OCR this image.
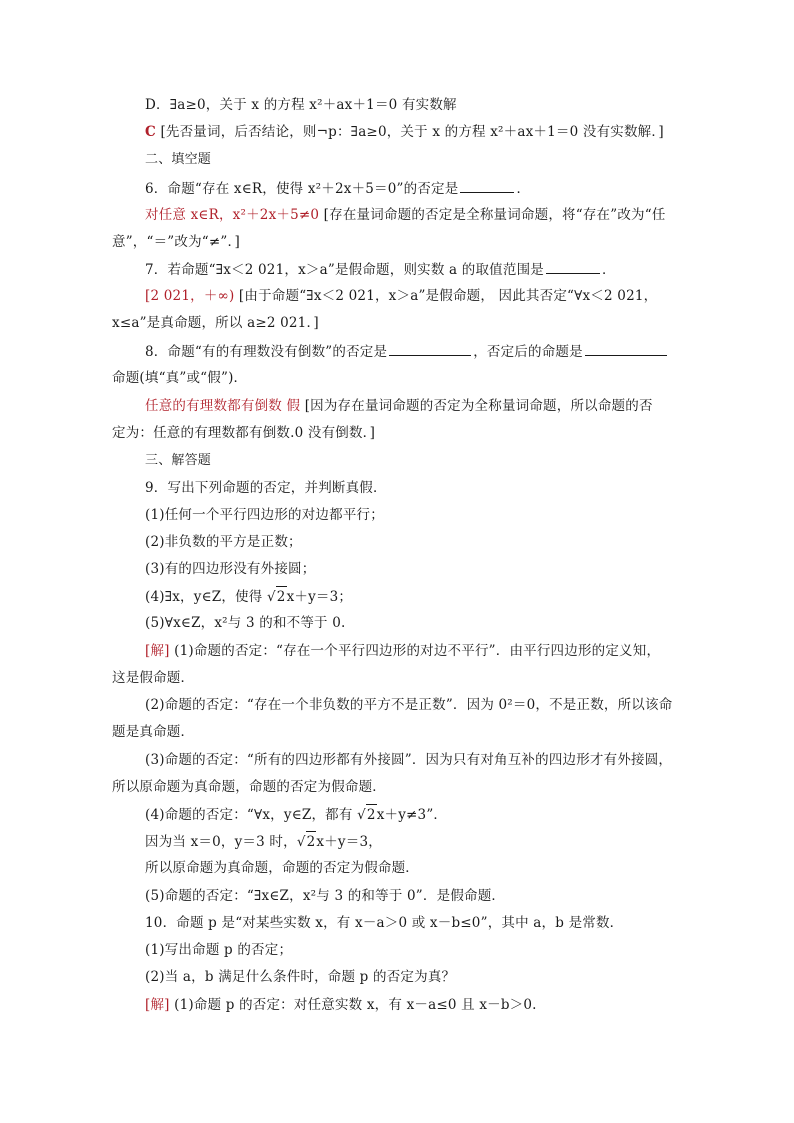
D．∃a≥0，关于 x 的方程 x²＋ax＋1＝0 有实数解
C [先否量词，后否结论，则¬p：∃a≥0，关于 x 的方程 x²＋ax＋1＝0 没有实数解．]
二、填空题
6．命题“存在 x∈R，使得 x²＋2x＋5＝0”的否定是	．
对任意 x∈R，x²＋2x＋5≠0 [存在量词命题的否定是全称量词命题，将“存在”改为“任
意”，“＝”改为“≠”．]
7．若命题“∃x＜2 021，x＞a”是假命题，则实数 a 的取值范围是	．
[2 021，＋∞) [由于命题“∃x＜2 021，x＞a”是假命题， 因此其否定“∀x＜2 021，
x≤a”是真命题，所以 a≥2 021．]
8．命题“有的有理数没有倒数”的否定是	，否定后的命题是
命题(填“真”或“假”)．
任意的有理数都有倒数 假 [因为存在量词命题的否定为全称量词命题，所以命题的否
定为：任意的有理数都有倒数.0 没有倒数．]
三、解答题
9．写出下列命题的否定，并判断真假．
(1)任何一个平行四边形的对边都平行；
(2)非负数的平方是正数；
(3)有的四边形没有外接圆；
(4)∃x，y∈Z，使得 √2x＋y＝3；
(5)∀x∈Z，x²与 3 的和不等于 0.
[解] (1)命题的否定：“存在一个平行四边形的对边不平行”．由平行四边形的定义知，
这是假命题．
(2)命题的否定：“存在一个非负数的平方不是正数”．因为 0²＝0，不是正数，所以该命
题是真命题．
(3)命题的否定：“所有的四边形都有外接圆”．因为只有对角互补的四边形才有外接圆，
所以原命题为真命题，命题的否定为假命题．
(4)命题的否定：“∀x，y∈Z，都有 √2x＋y≠3”．
因为当 x＝0，y＝3 时，√2x＋y＝3，
所以原命题为真命题，命题的否定为假命题．
(5)命题的否定：“∃x∈Z，x²与 3 的和等于 0”．是假命题．
10．命题 p 是“对某些实数 x，有 x－a＞0 或 x－b≤0”，其中 a，b 是常数．
(1)写出命题 p 的否定；
(2)当 a，b 满足什么条件时，命题 p 的否定为真？
[解] (1)命题 p 的否定：对任意实数 x，有 x－a≤0 且 x－b＞0.
